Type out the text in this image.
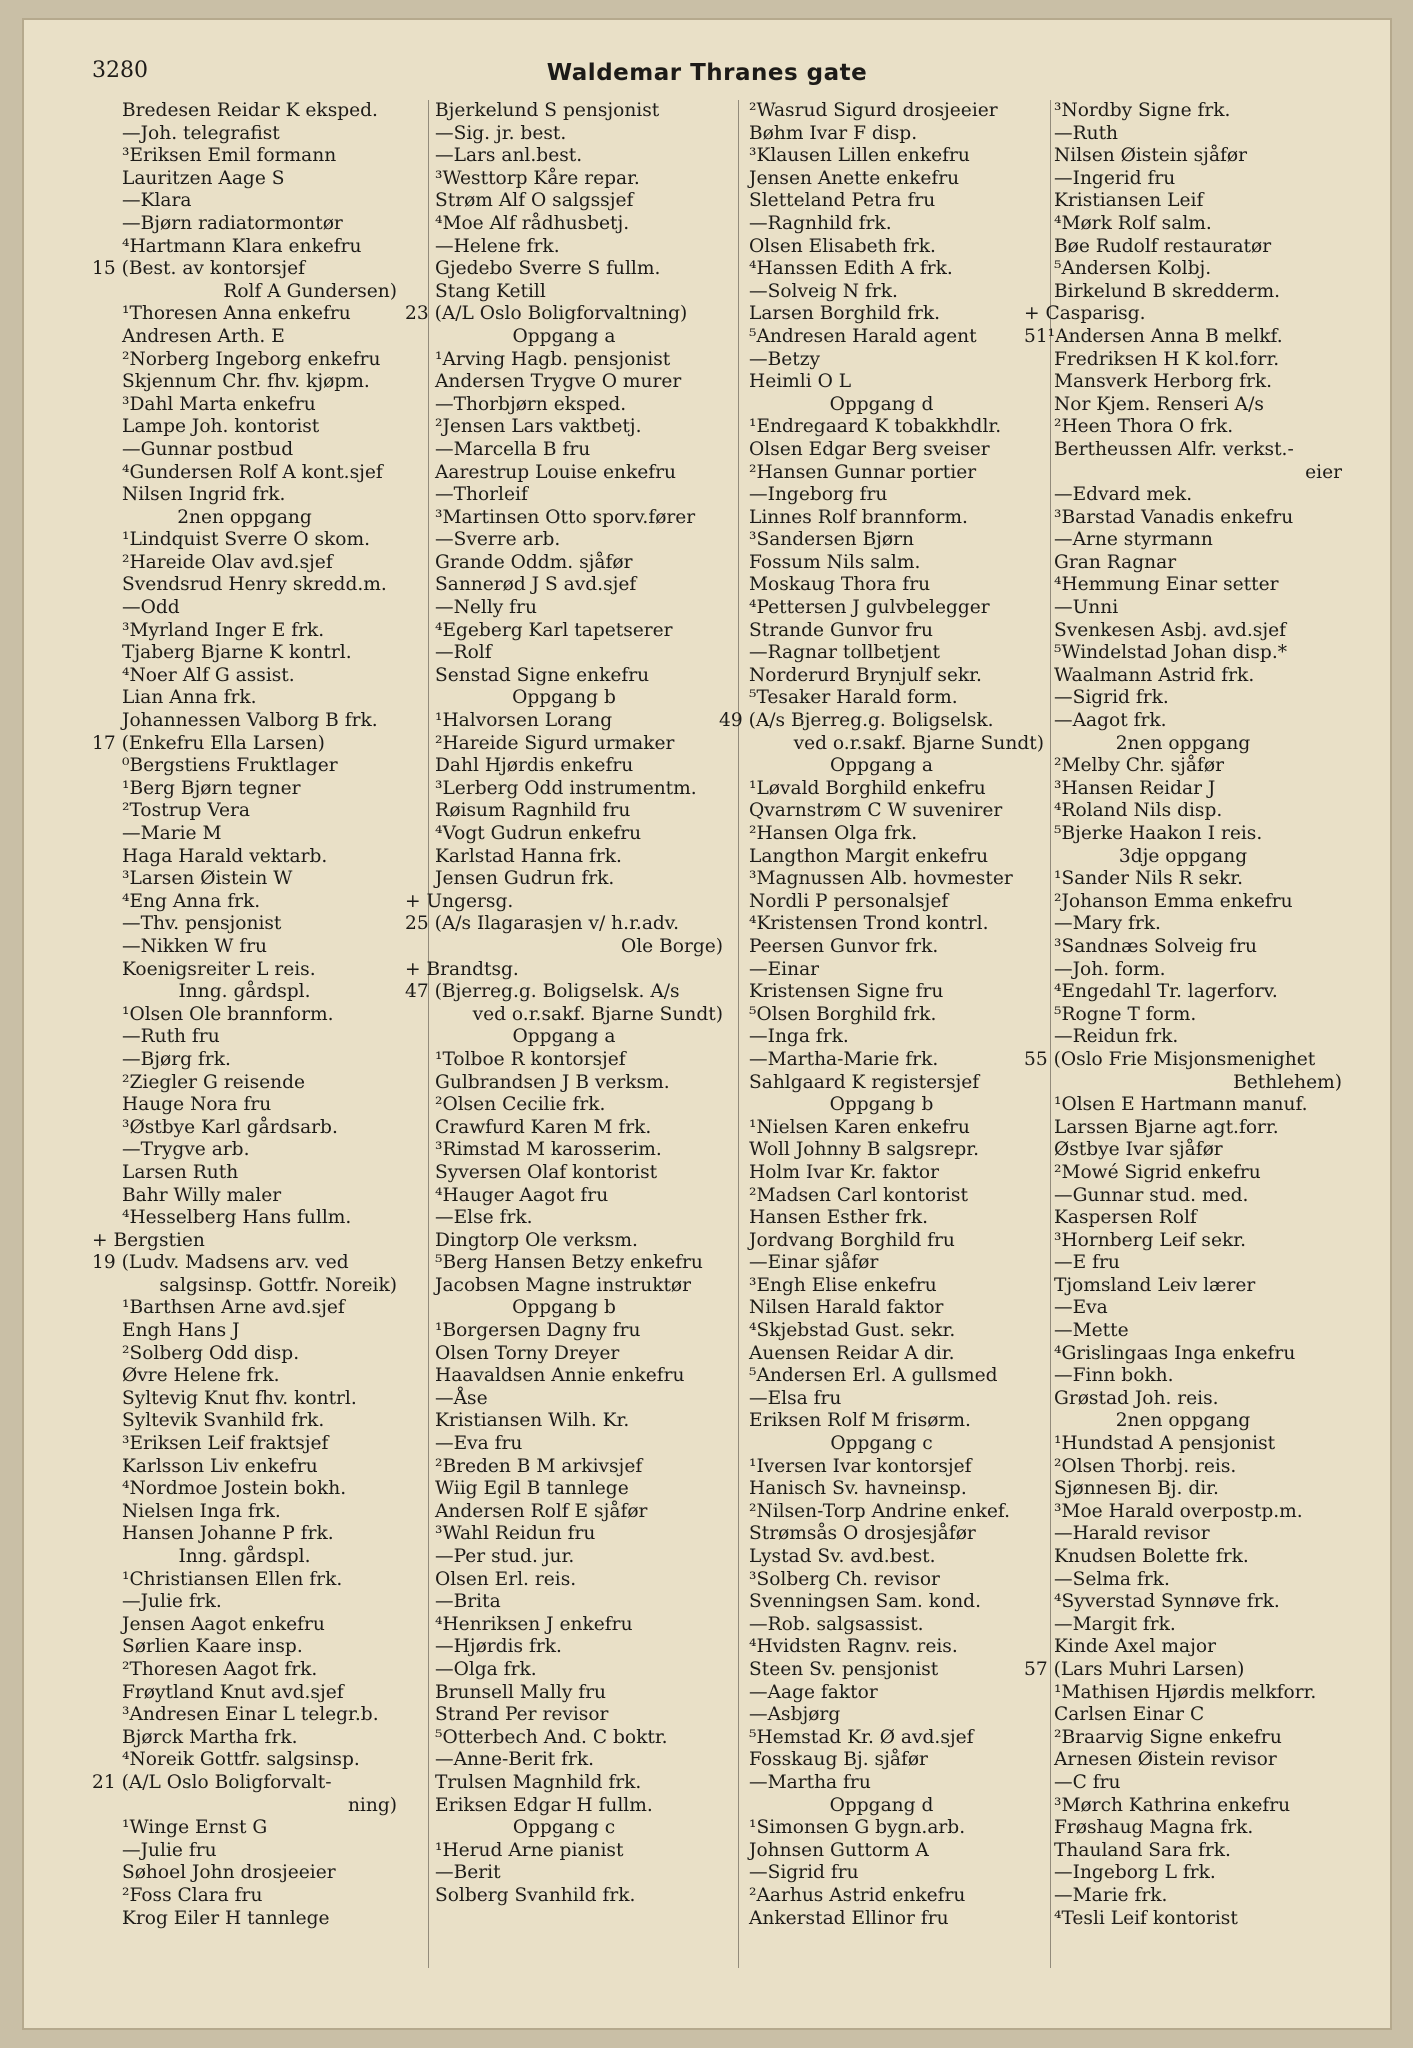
3280	Waldemar Thranes gate
Bredesen Reidar K eksped.
—Joh. telegrafist
³Eriksen Emil formann
Lauritzen Aage S
—Klara
—Bjørn radiatormontør
⁴Hartmann Klara enkefru
15 (Best. av kontorsjef
Rolf A Gundersen)
¹Thoresen Anna enkefru
Andresen Arth. E
²Norberg Ingeborg enkefru
Skjennum Chr. fhv. kjøpm.
³Dahl Marta enkefru
Lampe Joh. kontorist
—Gunnar postbud
⁴Gundersen Rolf A kont.sjef
Nilsen Ingrid frk.
2nen oppgang
¹Lindquist Sverre O skom.
²Hareide Olav avd.sjef
Svendsrud Henry skredd.m.
—Odd
³Myrland Inger E frk.
Tjaberg Bjarne K kontrl.
⁴Noer Alf G assist.
Lian Anna frk.
Johannessen Valborg B frk.
17 (Enkefru Ella Larsen)
⁰Bergstiens Fruktlager
¹Berg Bjørn tegner
²Tostrup Vera
—Marie M
Haga Harald vektarb.
³Larsen Øistein W
⁴Eng Anna frk.
—Thv. pensjonist
—Nikken W fru
Koenigsreiter L reis.
Inng. gårdspl.
¹Olsen Ole brannform.
—Ruth fru
—Bjørg frk.
²Ziegler G reisende
Hauge Nora fru
³Østbye Karl gårdsarb.
—Trygve arb.
Larsen Ruth
Bahr Willy maler
⁴Hesselberg Hans fullm.
+ Bergstien
19 (Ludv. Madsens arv. ved
salgsinsp. Gottfr. Noreik)
¹Barthsen Arne avd.sjef
Engh Hans J
²Solberg Odd disp.
Øvre Helene frk.
Syltevig Knut fhv. kontrl.
Syltevik Svanhild frk.
³Eriksen Leif fraktsjef
Karlsson Liv enkefru
⁴Nordmoe Jostein bokh.
Nielsen Inga frk.
Hansen Johanne P frk.
Inng. gårdspl.
¹Christiansen Ellen frk.
—Julie frk.
Jensen Aagot enkefru
Sørlien Kaare insp.
²Thoresen Aagot frk.
Frøytland Knut avd.sjef
³Andresen Einar L telegr.b.
Bjørck Martha frk.
⁴Noreik Gottfr. salgsinsp.
21 (A/L Oslo Boligforvalt-
ning)
¹Winge Ernst G
—Julie fru
Søhoel John drosjeeier
²Foss Clara fru
Krog Eiler H tannlege
Bjerkelund S pensjonist
—Sig. jr. best.
—Lars anl.best.
³Westtorp Kåre repar.
Strøm Alf O salgssjef
⁴Moe Alf rådhusbetj.
—Helene frk.
Gjedebo Sverre S fullm.
Stang Ketill
23 (A/L Oslo Boligforvaltning)
Oppgang a
¹Arving Hagb. pensjonist
Andersen Trygve O murer
—Thorbjørn eksped.
²Jensen Lars vaktbetj.
—Marcella B fru
Aarestrup Louise enkefru
—Thorleif
³Martinsen Otto sporv.fører
—Sverre arb.
Grande Oddm. sjåfør
Sannerød J S avd.sjef
—Nelly fru
⁴Egeberg Karl tapetserer
—Rolf
Senstad Signe enkefru
Oppgang b
¹Halvorsen Lorang
²Hareide Sigurd urmaker
Dahl Hjørdis enkefru
³Lerberg Odd instrumentm.
Røisum Ragnhild fru
⁴Vogt Gudrun enkefru
Karlstad Hanna frk.
Jensen Gudrun frk.
+ Ungersg.
25 (A/s Ilagarasjen v/ h.r.adv.
Ole Borge)
+ Brandtsg.
47 (Bjerreg.g. Boligselsk. A/s
ved o.r.sakf. Bjarne Sundt)
Oppgang a
¹Tolboe R kontorsjef
Gulbrandsen J B verksm.
²Olsen Cecilie frk.
Crawfurd Karen M frk.
³Rimstad M karosserim.
Syversen Olaf kontorist
⁴Hauger Aagot fru
—Else frk.
Dingtorp Ole verksm.
⁵Berg Hansen Betzy enkefru
Jacobsen Magne instruktør
Oppgang b
¹Borgersen Dagny fru
Olsen Torny Dreyer
Haavaldsen Annie enkefru
—Åse
Kristiansen Wilh. Kr.
—Eva fru
²Breden B M arkivsjef
Wiig Egil B tannlege
Andersen Rolf E sjåfør
³Wahl Reidun fru
—Per stud. jur.
Olsen Erl. reis.
—Brita
⁴Henriksen J enkefru
—Hjørdis frk.
—Olga frk.
Brunsell Mally fru
Strand Per revisor
⁵Otterbech And. C boktr.
—Anne-Berit frk.
Trulsen Magnhild frk.
Eriksen Edgar H fullm.
Oppgang c
¹Herud Arne pianist
—Berit
Solberg Svanhild frk.
²Wasrud Sigurd drosjeeier
Bøhm Ivar F disp.
³Klausen Lillen enkefru
Jensen Anette enkefru
Sletteland Petra fru
—Ragnhild frk.
Olsen Elisabeth frk.
⁴Hanssen Edith A frk.
—Solveig N frk.
Larsen Borghild frk.
⁵Andresen Harald agent
—Betzy
Heimli O L
Oppgang d
¹Endregaard K tobakkhdlr.
Olsen Edgar Berg sveiser
²Hansen Gunnar portier
—Ingeborg fru
Linnes Rolf brannform.
³Sandersen Bjørn
Fossum Nils salm.
Moskaug Thora fru
⁴Pettersen J gulvbelegger
Strande Gunvor fru
—Ragnar tollbetjent
Norderurd Brynjulf sekr.
⁵Tesaker Harald form.
49 (A/s Bjerreg.g. Boligselsk.
ved o.r.sakf. Bjarne Sundt)
Oppgang a
¹Løvald Borghild enkefru
Qvarnstrøm C W suvenirer
²Hansen Olga frk.
Langthon Margit enkefru
³Magnussen Alb. hovmester
Nordli P personalsjef
⁴Kristensen Trond kontrl.
Peersen Gunvor frk.
—Einar
Kristensen Signe fru
⁵Olsen Borghild frk.
—Inga frk.
—Martha-Marie frk.
Sahlgaard K registersjef
Oppgang b
¹Nielsen Karen enkefru
Woll Johnny B salgsrepr.
Holm Ivar Kr. faktor
²Madsen Carl kontorist
Hansen Esther frk.
Jordvang Borghild fru
—Einar sjåfør
³Engh Elise enkefru
Nilsen Harald faktor
⁴Skjebstad Gust. sekr.
Auensen Reidar A dir.
⁵Andersen Erl. A gullsmed
—Elsa fru
Eriksen Rolf M frisørm.
Oppgang c
¹Iversen Ivar kontorsjef
Hanisch Sv. havneinsp.
²Nilsen-Torp Andrine enkef.
Strømsås O drosjesjåfør
Lystad Sv. avd.best.
³Solberg Ch. revisor
Svenningsen Sam. kond.
—Rob. salgsassist.
⁴Hvidsten Ragnv. reis.
Steen Sv. pensjonist
—Aage faktor
—Asbjørg
⁵Hemstad Kr. Ø avd.sjef
Fosskaug Bj. sjåfør
—Martha fru
Oppgang d
¹Simonsen G bygn.arb.
Johnsen Guttorm A
—Sigrid fru
²Aarhus Astrid enkefru
Ankerstad Ellinor fru
³Nordby Signe frk.
—Ruth
Nilsen Øistein sjåfør
—Ingerid fru
Kristiansen Leif
⁴Mørk Rolf salm.
Bøe Rudolf restauratør
⁵Andersen Kolbj.
Birkelund B skredderm.
+ Casparisg.
51¹Andersen Anna B melkf.
Fredriksen H K kol.forr.
Mansverk Herborg frk.
Nor Kjem. Renseri A/s
²Heen Thora O frk.
Bertheussen Alfr. verkst.-
eier
—Edvard mek.
³Barstad Vanadis enkefru
—Arne styrmann
Gran Ragnar
⁴Hemmung Einar setter
—Unni
Svenkesen Asbj. avd.sjef
⁵Windelstad Johan disp.*
Waalmann Astrid frk.
—Sigrid frk.
—Aagot frk.
2nen oppgang
²Melby Chr. sjåfør
³Hansen Reidar J
⁴Roland Nils disp.
⁵Bjerke Haakon I reis.
3dje oppgang
¹Sander Nils R sekr.
²Johanson Emma enkefru
—Mary frk.
³Sandnæs Solveig fru
—Joh. form.
⁴Engedahl Tr. lagerforv.
⁵Rogne T form.
—Reidun frk.
55 (Oslo Frie Misjonsmenighet
Bethlehem)
¹Olsen E Hartmann manuf.
Larssen Bjarne agt.forr.
Østbye Ivar sjåfør
²Mowé Sigrid enkefru
—Gunnar stud. med.
Kaspersen Rolf
³Hornberg Leif sekr.
—E fru
Tjomsland Leiv lærer
—Eva
—Mette
⁴Grislingaas Inga enkefru
—Finn bokh.
Grøstad Joh. reis.
2nen oppgang
¹Hundstad A pensjonist
²Olsen Thorbj. reis.
Sjønnesen Bj. dir.
³Moe Harald overpostp.m.
—Harald revisor
Knudsen Bolette frk.
—Selma frk.
⁴Syverstad Synnøve frk.
—Margit frk.
Kinde Axel major
57 (Lars Muhri Larsen)
¹Mathisen Hjørdis melkforr.
Carlsen Einar C
²Braarvig Signe enkefru
Arnesen Øistein revisor
—C fru
³Mørch Kathrina enkefru
Frøshaug Magna frk.
Thauland Sara frk.
—Ingeborg L frk.
—Marie frk.
⁴Tesli Leif kontorist
